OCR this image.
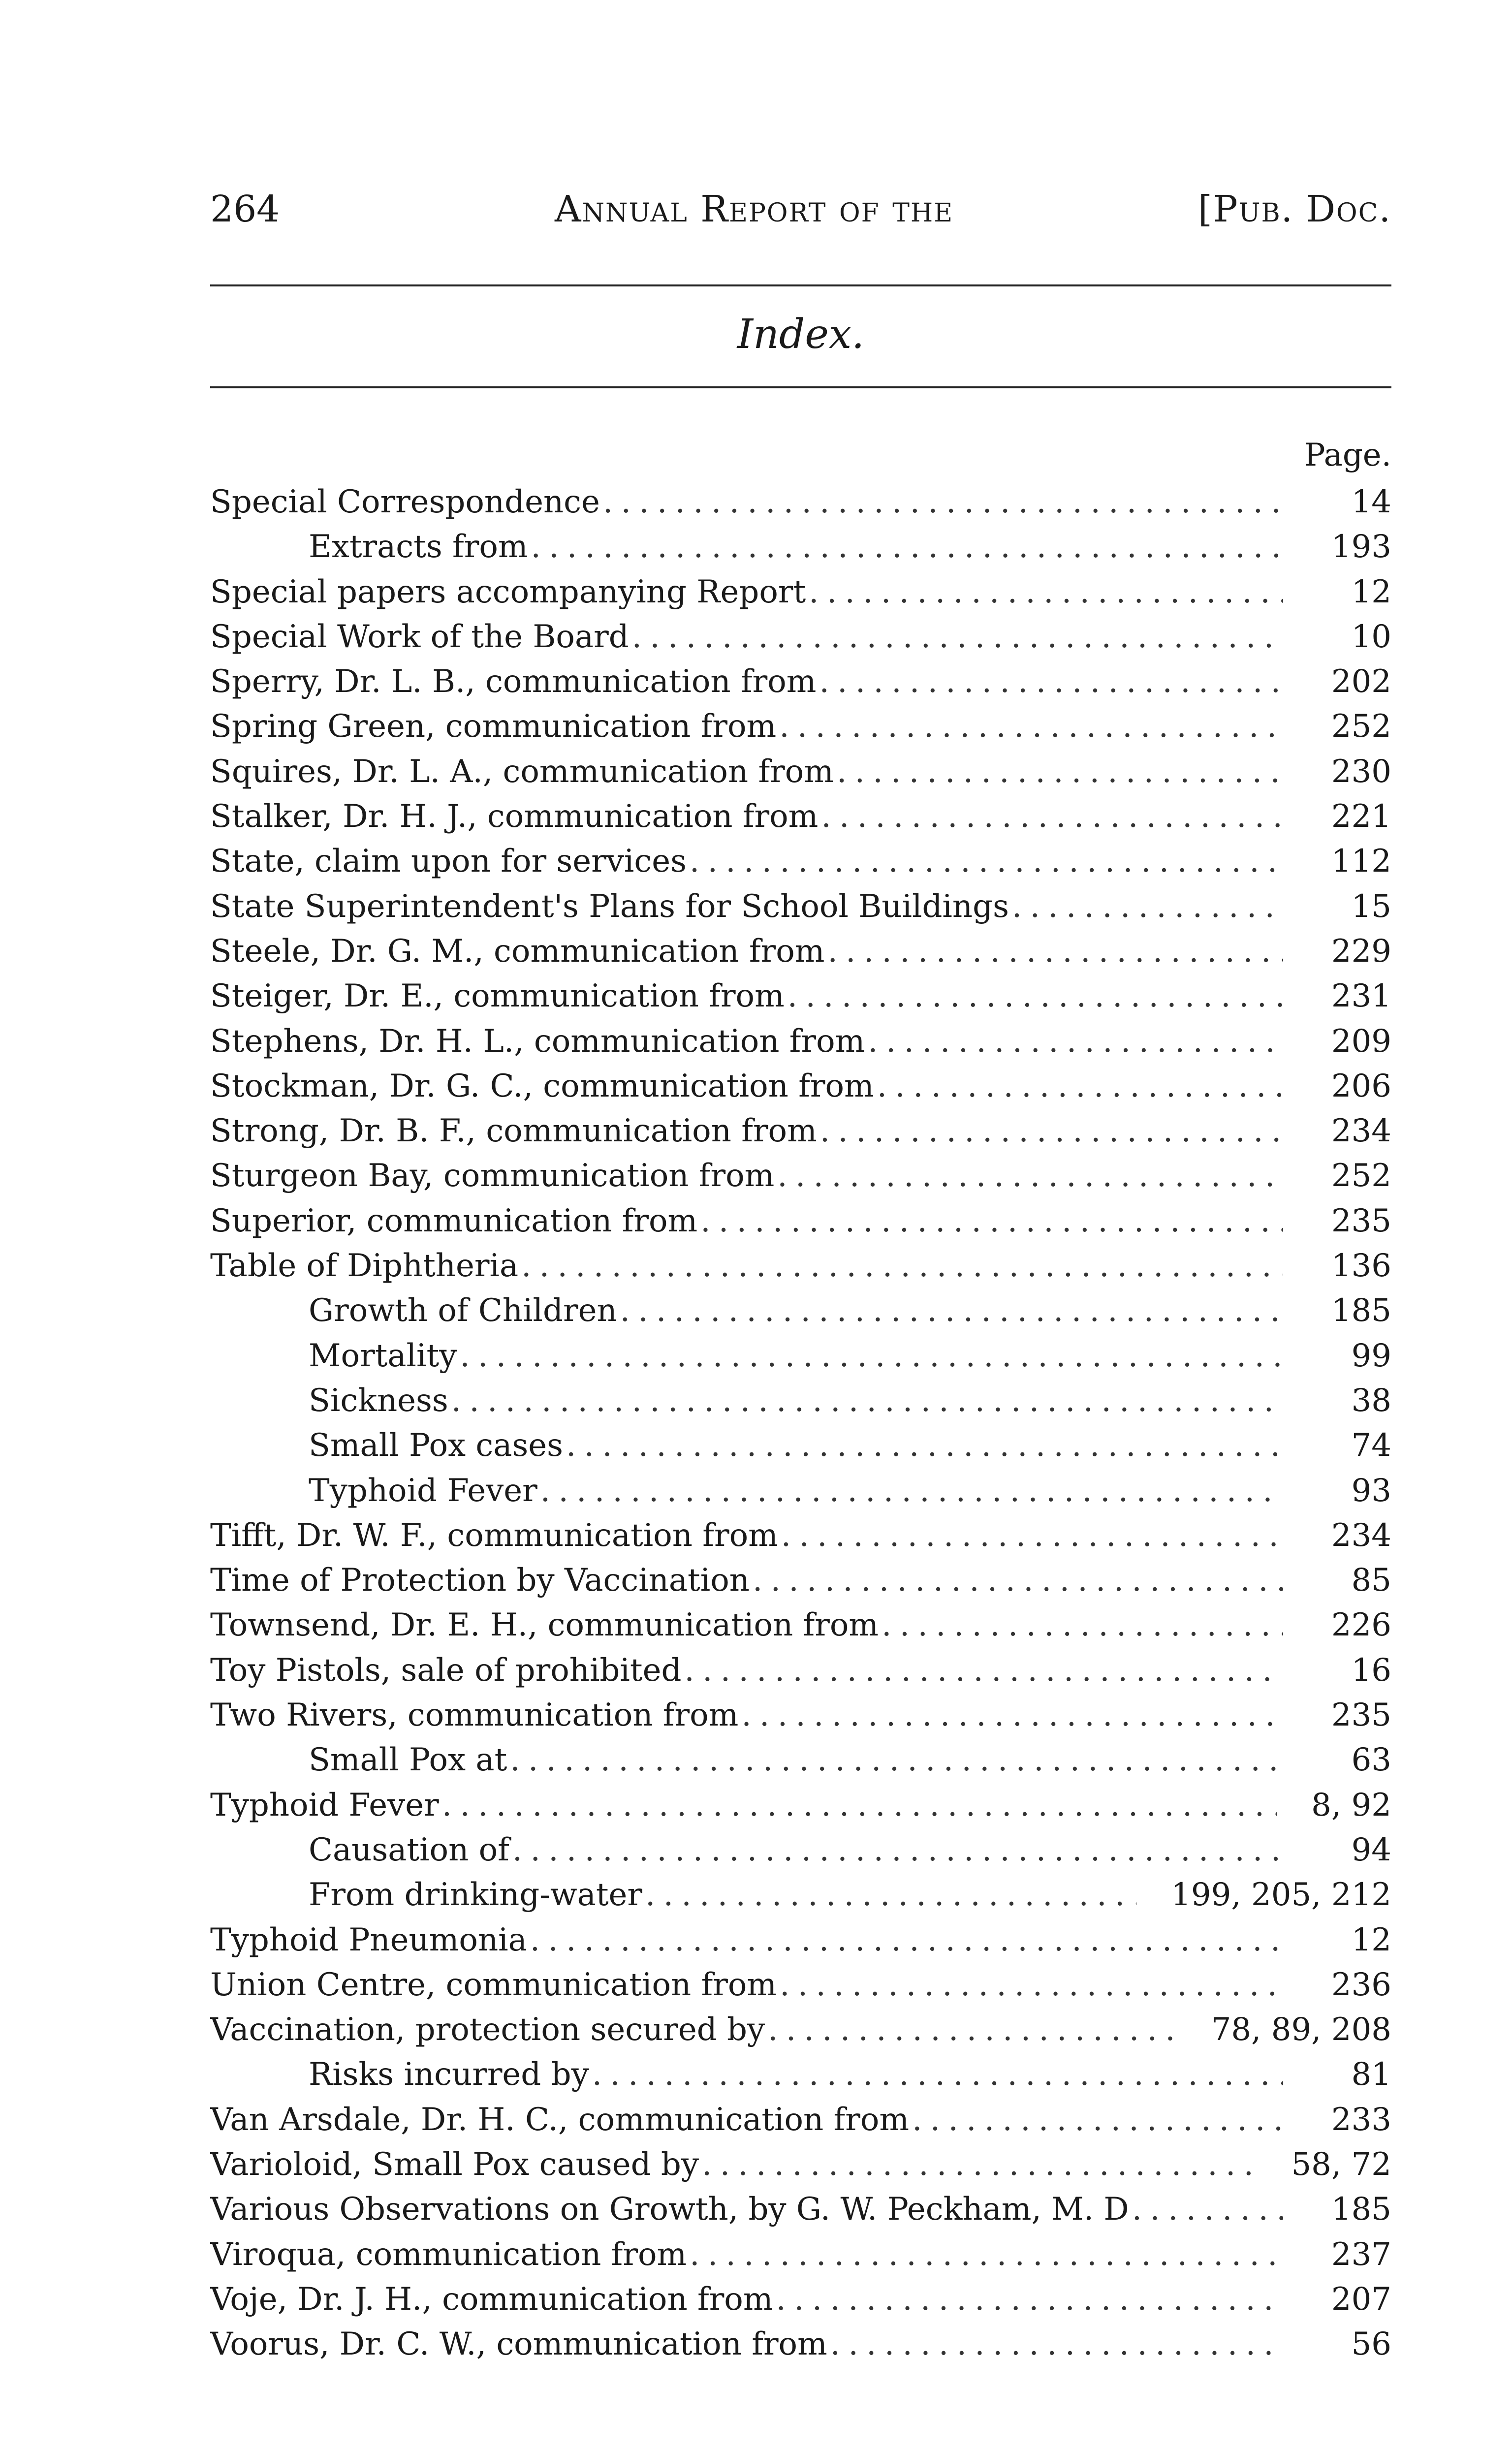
264	Annual Report of the	[Pub. Doc.
Index.
Page.
Special Correspondence . . .	14
Extracts from . . .	193
Special papers accompanying Report . . .	12
Special Work of the Board . . .	10
Sperry, Dr. L. B., communication from . . .	202
Spring Green, communication from . . .	252
Squires, Dr. L. A., communication from . . .	230
Stalker, Dr. H. J., communication from . . .	221
State, claim upon for services . . .	112
State Superintendent's Plans for School Buildings . . .	15
Steele, Dr. G. M., communication from . . .	229
Steiger, Dr. E., communication from . . .	231
Stephens, Dr. H. L., communication from . . .	209
Stockman, Dr. G. C., communication from . . .	206
Strong, Dr. B. F., communication from . . .	234
Sturgeon Bay, communication from . . .	252
Superior, communication from . . .	235
Table of Diphtheria . . .	136
Growth of Children . . .	185
Mortality . . .	99
Sickness . . .	38
Small Pox cases . . .	74
Typhoid Fever . . .	93
Tifft, Dr. W. F., communication from . . .	234
Time of Protection by Vaccination . . .	85
Townsend, Dr. E. H., communication from . . .	226
Toy Pistols, sale of prohibited . . .	16
Two Rivers, communication from . . .	235
Small Pox at . . .	63
Typhoid Fever . . .	8, 92
Causation of . . .	94
From drinking-water . . .	199, 205, 212
Typhoid Pneumonia . . .	12
Union Centre, communication from . . .	236
Vaccination, protection secured by . . .	78, 89, 208
Risks incurred by . . .	81
Van Arsdale, Dr. H. C., communication from . . .	233
Varioloid, Small Pox caused by . . .	58, 72
Various Observations on Growth, by G. W. Peckham, M. D . . .	185
Viroqua, communication from . . .	237
Voje, Dr. J. H., communication from . . .	207
Voorus, Dr. C. W., communication from . . .	56
